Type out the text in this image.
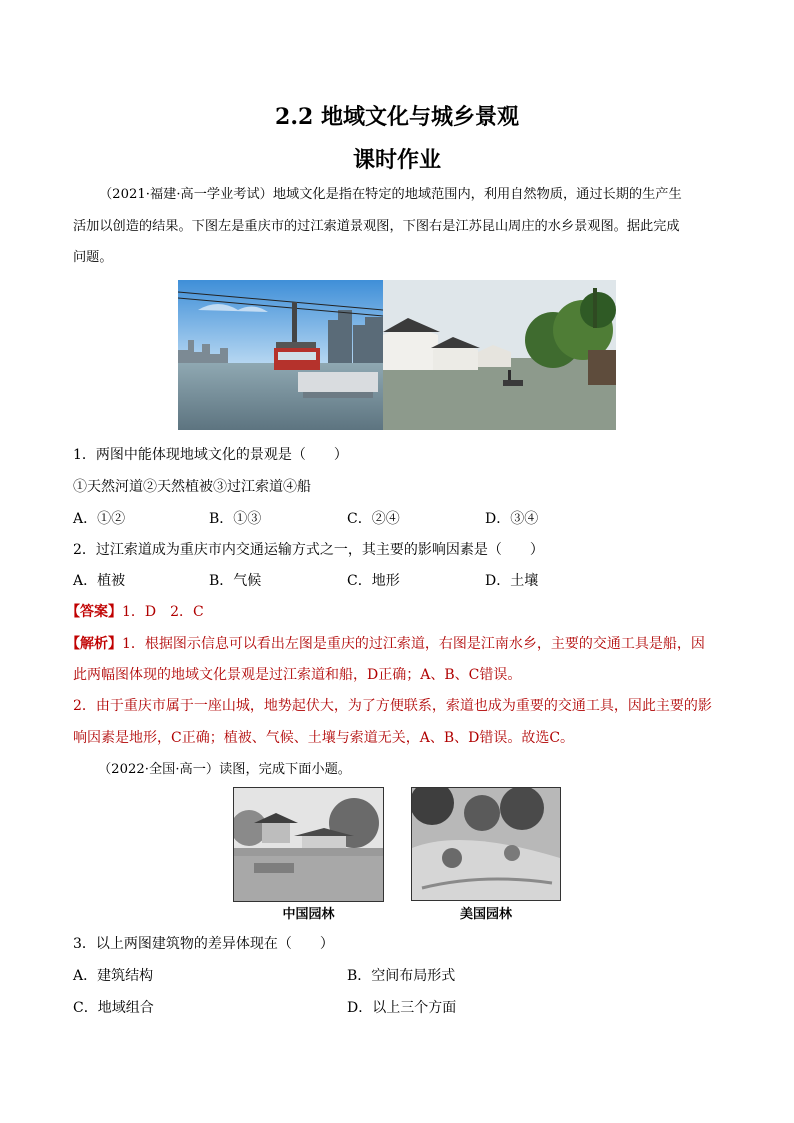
2.2 地域文化与城乡景观
课时作业
（2021·福建·高一学业考试）地域文化是指在特定的地域范围内，利用自然物质，通过长期的生产生
活加以创造的结果。下图左是重庆市的过江索道景观图，下图右是江苏昆山周庄的水乡景观图。据此完成
问题。
1．两图中能体现地域文化的景观是（　　）
①天然河道②天然植被③过江索道④船
A．①②	B．①③	C．②④	D．③④
2．过江索道成为重庆市内交通运输方式之一，其主要的影响因素是（　　）
A．植被	B．气候	C．地形	D．土壤
【答案】1．D　2．C
【解析】1．根据图示信息可以看出左图是重庆的过江索道，右图是江南水乡，主要的交通工具是船，因
此两幅图体现的地域文化景观是过江索道和船，D正确；A、B、C错误。
2．由于重庆市属于一座山城，地势起伏大，为了方便联系，索道也成为重要的交通工具，因此主要的影
响因素是地形，C正确；植被、气候、土壤与索道无关，A、B、D错误。故选C。
（2022·全国·高一）读图，完成下面小题。
中国园林	美国园林
3．以上两图建筑物的差异体现在（　　）
A．建筑结构	B．空间布局形式
C．地域组合	D．以上三个方面
